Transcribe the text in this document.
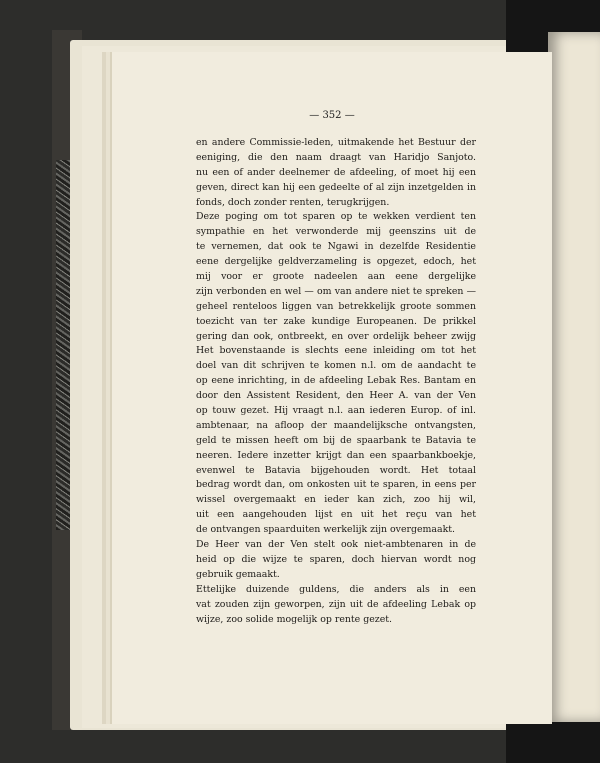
— 352 —
en andere Commissie-leden, uitmakende het Bestuur der
eeniging, die den naam draagt van Haridjo Sanjoto.
nu een of ander deelnemer de afdeeling, of moet hij een
geven, direct kan hij een gedeelte of al zijn inzetgelden in
fonds, doch zonder renten, terugkrijgen.
Deze poging om tot sparen op te wekken verdient ten
sympathie en het verwonderde mij geenszins uit de
te vernemen, dat ook te Ngawi in dezelfde Residentie
eene dergelijke geldverzameling is opgezet, edoch, het
mij voor er groote nadeelen aan eene dergelijke
zijn verbonden en wel — om van andere niet te spreken —
geheel renteloos liggen van betrekkelijk groote sommen
toezicht van ter zake kundige Europeanen. De prikkel
gering dan ook, ontbreekt, en over ordelijk beheer zwijg
Het bovenstaande is slechts eene inleiding om tot het
doel van dit schrijven te komen n.l. om de aandacht te
op eene inrichting, in de afdeeling Lebak Res. Bantam en
door den Assistent Resident, den Heer A. van der Ven
op touw gezet. Hij vraagt n.l. aan iederen Europ. of inl.
ambtenaar, na afloop der maandelijksche ontvangsten,
geld te missen heeft om bij de spaarbank te Batavia te
neeren. Iedere inzetter krijgt dan een spaarbankboekje,
evenwel te Batavia bijgehouden wordt. Het totaal
bedrag wordt dan, om onkosten uit te sparen, in eens per
wissel overgemaakt en ieder kan zich, zoo hij wil,
uit een aangehouden lijst en uit het reçu van het
de ontvangen spaarduiten werkelijk zijn overgemaakt.
De Heer van der Ven stelt ook niet-ambtenaren in de
heid op die wijze te sparen, doch hiervan wordt nog
gebruik gemaakt.
Ettelijke duizende guldens, die anders als in een
vat zouden zijn geworpen, zijn uit de afdeeling Lebak op
wijze, zoo solide mogelijk op rente gezet.
